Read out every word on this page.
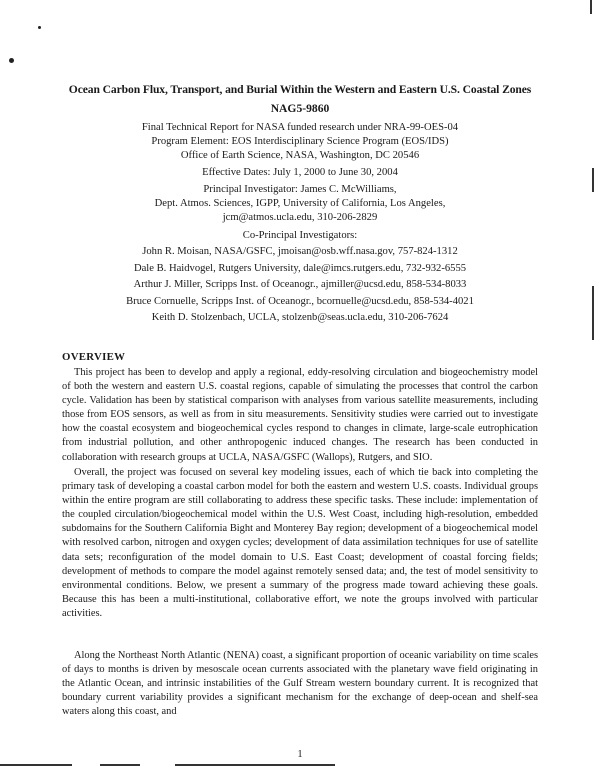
Ocean Carbon Flux, Transport, and Burial Within the Western and Eastern U.S. Coastal Zones
NAG5-9860
Final Technical Report for NASA funded research under NRA-99-OES-04
Program Element: EOS Interdisciplinary Science Program (EOS/IDS)
Office of Earth Science, NASA, Washington, DC 20546
Effective Dates: July 1, 2000 to June 30, 2004
Principal Investigator: James C. McWilliams,
Dept. Atmos. Sciences, IGPP, University of California, Los Angeles,
jcm@atmos.ucla.edu, 310-206-2829
Co-Principal Investigators:
John R. Moisan, NASA/GSFC, jmoisan@osb.wff.nasa.gov, 757-824-1312
Dale B. Haidvogel, Rutgers University, dale@imcs.rutgers.edu, 732-932-6555
Arthur J. Miller, Scripps Inst. of Oceanogr., ajmiller@ucsd.edu, 858-534-8033
Bruce Cornuelle, Scripps Inst. of Oceanogr., bcornuelle@ucsd.edu, 858-534-4021
Keith D. Stolzenbach, UCLA, stolzenb@seas.ucla.edu, 310-206-7624
OVERVIEW

This project has been to develop and apply a regional, eddy-resolving circulation and biogeochemistry model of both the western and eastern U.S. coastal regions, capable of simulating the processes that control the carbon cycle. Validation has been by statistical comparison with analyses from various satellite measurements, including those from EOS sensors, as well as from in situ measurements. Sensitivity studies were carried out to investigate how the coastal ecosystem and biogeochemical cycles respond to changes in climate, large-scale eutrophication from industrial pollution, and other anthropogenic induced changes. The research has been conducted in collaboration with research groups at UCLA, NASA/GSFC (Wallops), Rutgers, and SIO.

Overall, the project was focused on several key modeling issues, each of which tie back into completing the primary task of developing a coastal carbon model for both the eastern and western U.S. coasts. Individual groups within the entire program are still collaborating to address these specific tasks. These include: implementation of the coupled circulation/biogeochemical model within the U.S. West Coast, including high-resolution, embedded subdomains for the Southern California Bight and Monterey Bay region; development of a biogeochemical model with resolved carbon, nitrogen and oxygen cycles; development of data assimilation techniques for use of satellite data sets; reconfiguration of the model domain to U.S. East Coast; development of coastal forcing fields; development of methods to compare the model against remotely sensed data; and, the test of model sensitivity to environmental conditions. Below, we present a summary of the progress made toward achieving these goals. Because this has been a multi-institutional, collaborative effort, we note the groups involved with particular activities.

Along the Northeast North Atlantic (NENA) coast, a significant proportion of oceanic variability on time scales of days to months is driven by mesoscale ocean currents associated with the planetary wave field originating in the Atlantic Ocean, and intrinsic instabilities of the Gulf Stream western boundary current. It is recognized that boundary current variability provides a significant mechanism for the exchange of deep-ocean and shelf-sea waters along this coast, and

1
